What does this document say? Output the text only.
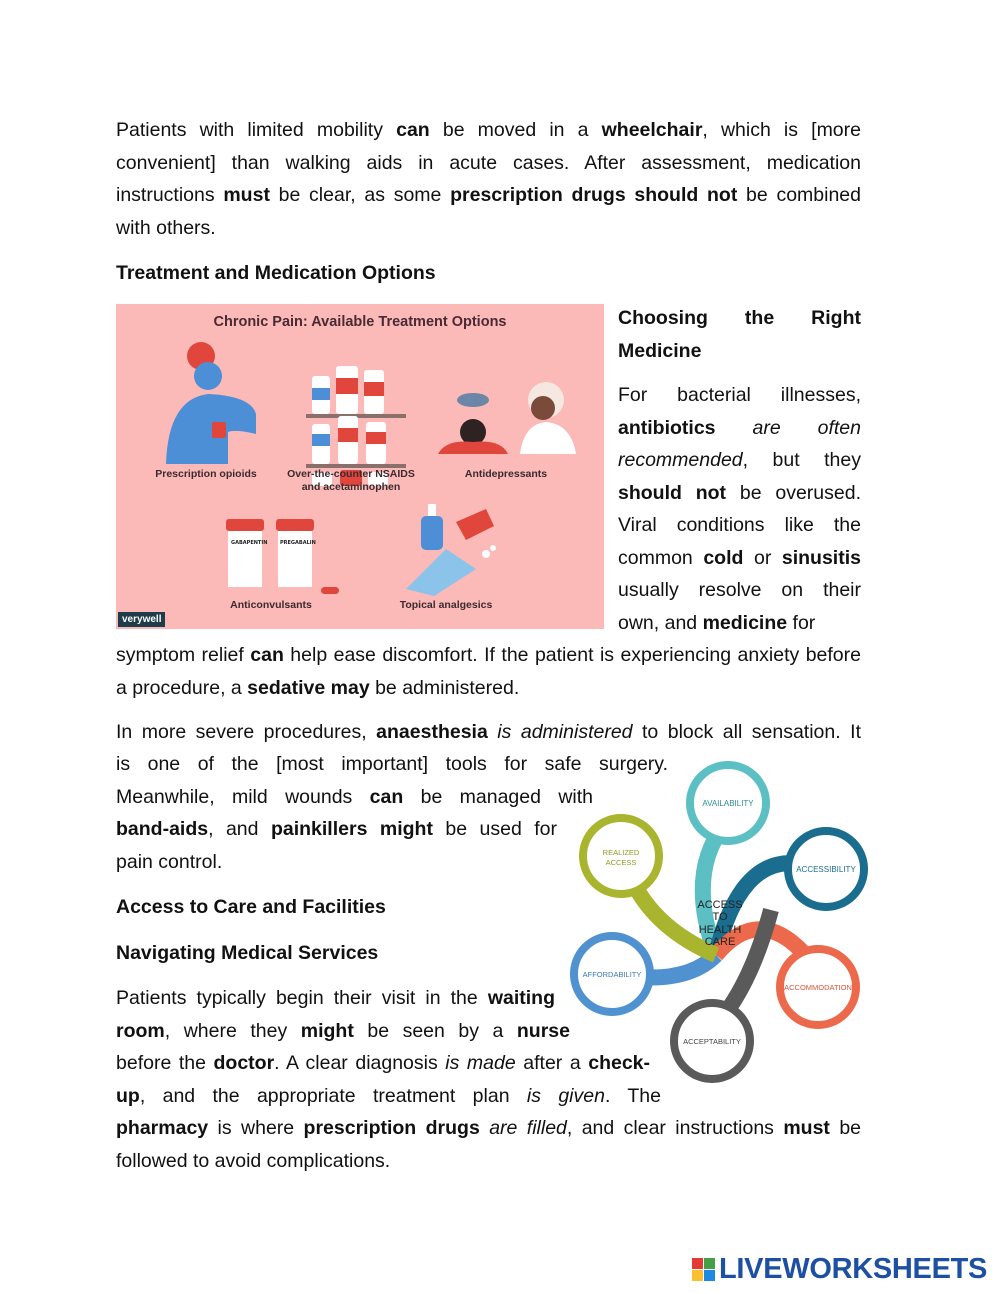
Patients with limited mobility can be moved in a wheelchair, which is [more convenient] than walking aids in acute cases. After assessment, medication instructions must be clear, as some prescription drugs should not be combined with others.

Treatment and Medication Options
Chronic Pain: Available Treatment Options
GABAPENTIN	PREGABALIN
Prescription opioids	Over-the-counter NSAIDS and acetaminophen
Antidepressants
Anticonvulsants	Topical analgesics
verywell

Choosing the Right Medicine

For bacterial illnesses, antibiotics are often recommended, but they should not be overused. Viral conditions like the common cold or sinusitis usually resolve on their own, and medicine for

symptom relief can help ease discomfort. If the patient is experiencing anxiety before a procedure, a sedative may be administered.

In more severe procedures, anaesthesia is administered to block all sensation. It

is one of the [most important] tools for safe surgery.

Meanwhile, mild wounds can be managed with

band-aids, and painkillers might be used for

pain control.

Access to Care and Facilities
Navigating Medical Services

Patients typically begin their visit in the waiting

room, where they might be seen by a nurse

before the doctor. A clear diagnosis is made after a check-

up, and the appropriate treatment plan is given. The

pharmacy is where prescription drugs are filled, and clear instructions must be followed to avoid complications.

AVAILABILITY
ACCESSIBILITY
ACCOMMODATION
ACCEPTABILITY
AFFORDABILITY
REALIZED
ACCESS
ACCESS
TO
HEALTH
CARE
LIVEWORKSHEETS
